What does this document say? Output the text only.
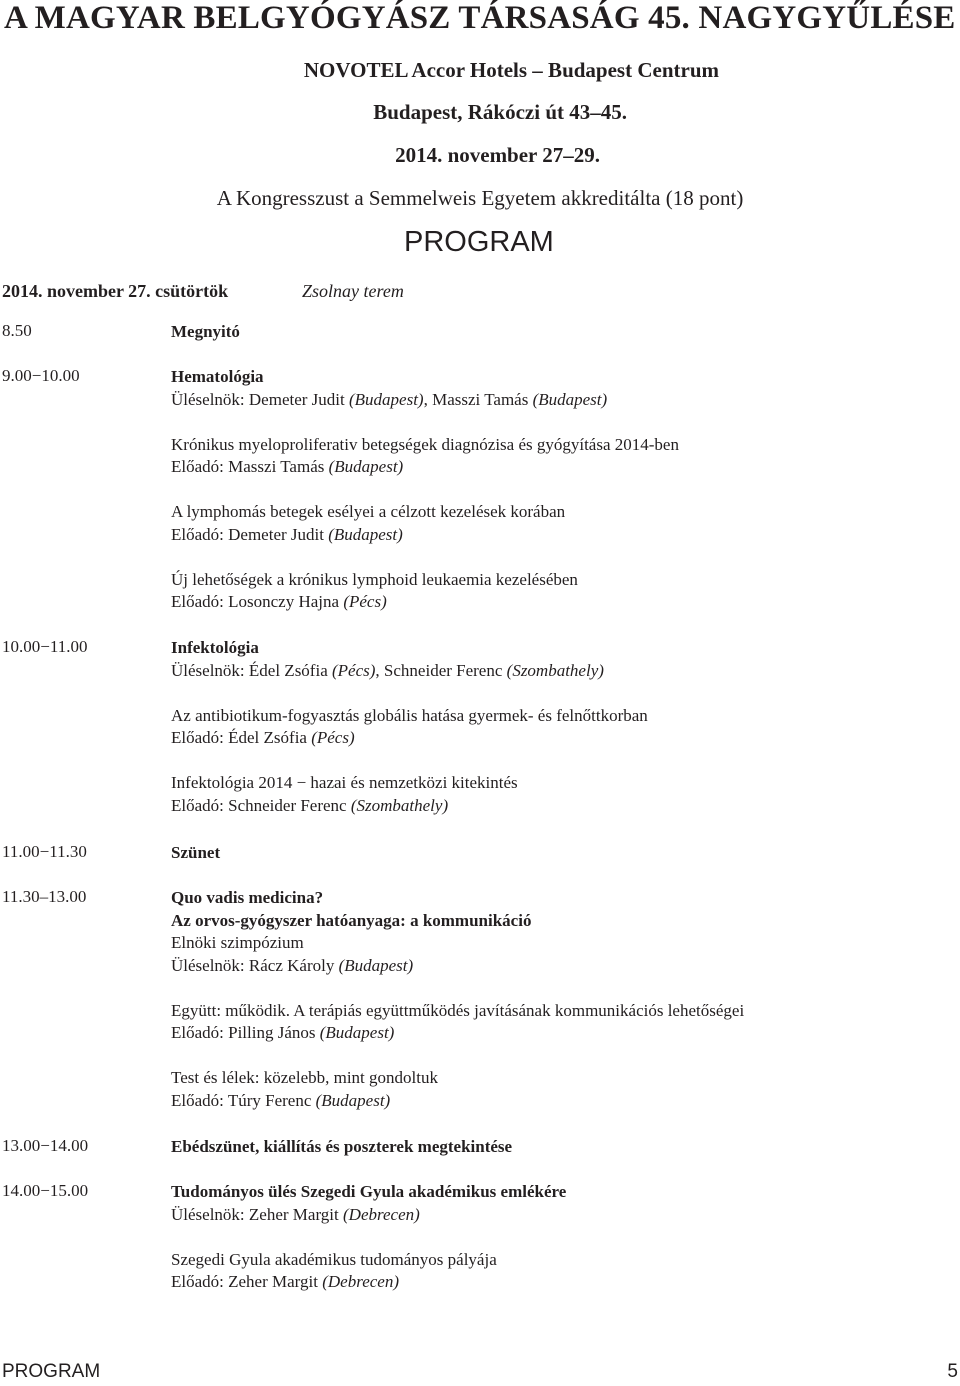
A MAGYAR BELGYÓGYÁSZ TÁRSASÁG 45. NAGYGYŰLÉSE
NOVOTEL Accor Hotels – Budapest Centrum
Budapest, Rákóczi út 43–45.
2014. november 27–29.
A Kongresszust a Semmelweis Egyetem akkreditálta (18 pont)
PROGRAM
2014. november 27. csütörtök	Zsolnay terem
8.50	Megnyitó
9.00−10.00	Hematológia
Üléselnök: Demeter Judit (Budapest), Masszi Tamás (Budapest)
Krónikus myeloproliferativ betegségek diagnózisa és gyógyítása 2014-ben
Előadó: Masszi Tamás (Budapest)
A lymphomás betegek esélyei a célzott kezelések korában
Előadó: Demeter Judit (Budapest)
Új lehetőségek a krónikus lymphoid leukaemia kezelésében
Előadó: Losonczy Hajna (Pécs)
10.00−11.00	Infektológia
Üléselnök: Édel Zsófia (Pécs), Schneider Ferenc (Szombathely)
Az antibiotikum-fogyasztás globális hatása gyermek- és felnőttkorban
Előadó: Édel Zsófia (Pécs)
Infektológia 2014 − hazai és nemzetközi kitekintés
Előadó: Schneider Ferenc (Szombathely)
11.00−11.30	Szünet
11.30–13.00	Quo vadis medicina?
Az orvos-gyógyszer hatóanyaga: a kommunikáció
Elnöki szimpózium
Üléselnök: Rácz Károly (Budapest)
Együtt: működik. A terápiás együttműködés javításának kommunikációs lehetőségei
Előadó: Pilling János (Budapest)
Test és lélek: közelebb, mint gondoltuk
Előadó: Túry Ferenc (Budapest)
13.00−14.00	Ebédszünet, kiállítás és poszterek megtekintése
14.00−15.00	Tudományos ülés Szegedi Gyula akadémikus emlékére
Üléselnök: Zeher Margit (Debrecen)
Szegedi Gyula akadémikus tudományos pályája
Előadó: Zeher Margit (Debrecen)
PROGRAM	5
